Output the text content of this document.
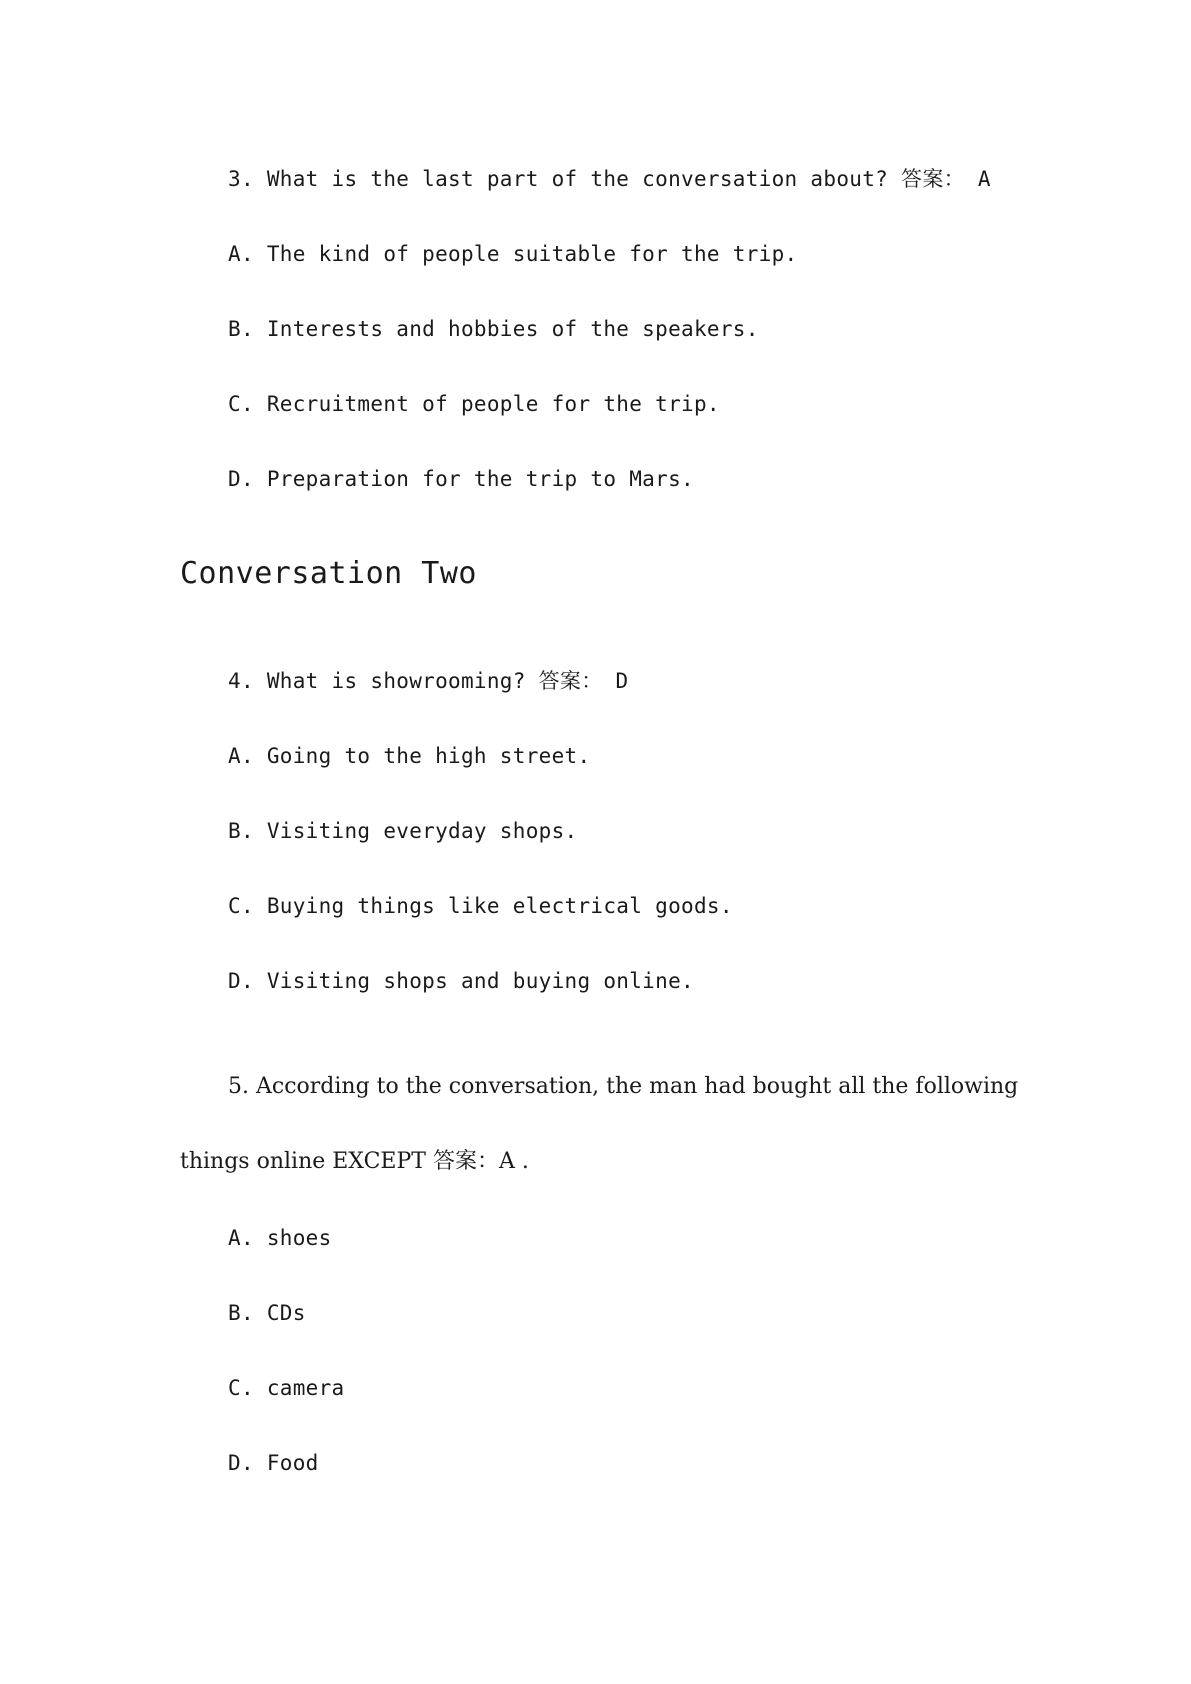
3. What is the last part of the conversation about? 答案： A
A. The kind of people suitable for the trip.
B. Interests and hobbies of the speakers.
C. Recruitment of people for the trip.
D. Preparation for the trip to Mars.
Conversation Two
4. What is showrooming? 答案： D
A. Going to the high street.
B. Visiting everyday shops.
C. Buying things like electrical goods.
D. Visiting shops and buying online.
5. According to the conversation, the man had bought all the following
things online EXCEPT 答案：A .
A. shoes
B. CDs
C. camera
D. Food
